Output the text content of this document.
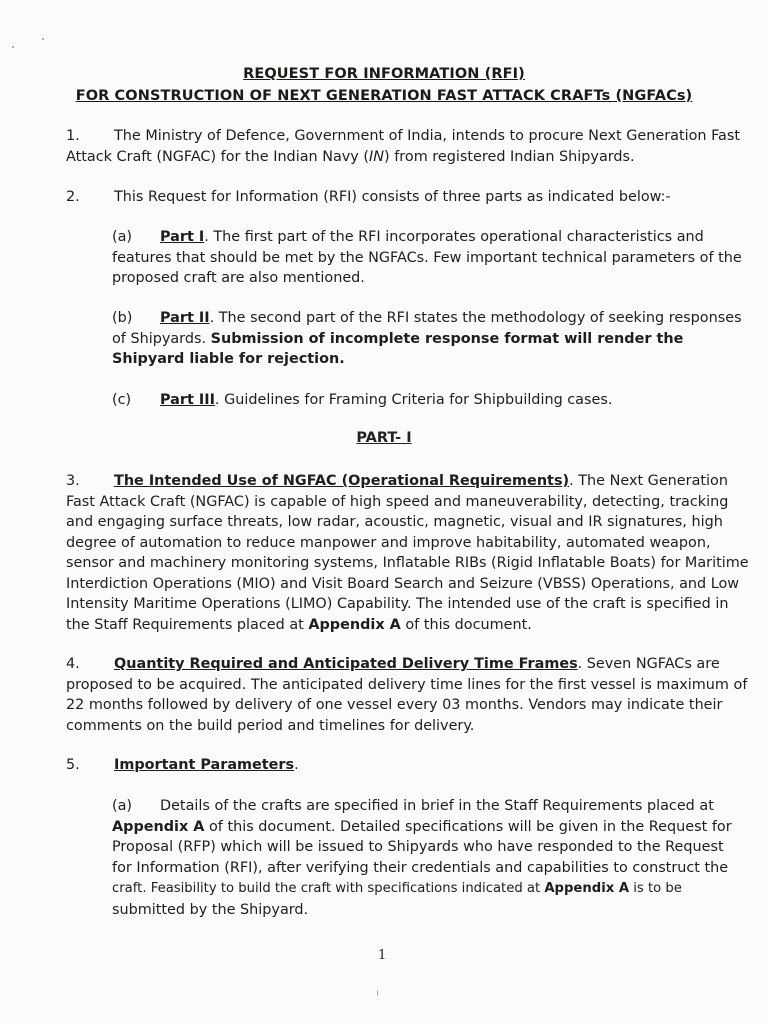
REQUEST FOR INFORMATION (RFI)
FOR CONSTRUCTION OF NEXT GENERATION FAST ATTACK CRAFTs (NGFACs)

1. The Ministry of Defence, Government of India, intends to procure Next Generation Fast
Attack Craft (NGFAC) for the Indian Navy (IN) from registered Indian Shipyards.

2. This Request for Information (RFI) consists of three parts as indicated below:-

(a) Part I. The first part of the RFI incorporates operational characteristics and
features that should be met by the NGFACs. Few important technical parameters of the
proposed craft are also mentioned.

(b) Part II. The second part of the RFI states the methodology of seeking responses
of Shipyards. Submission of incomplete response format will render the
Shipyard liable for rejection.

(c) Part III. Guidelines for Framing Criteria for Shipbuilding cases.

PART- I

3. The Intended Use of NGFAC (Operational Requirements). The Next Generation
Fast Attack Craft (NGFAC) is capable of high speed and maneuverability, detecting, tracking
and engaging surface threats, low radar, acoustic, magnetic, visual and IR signatures, high
degree of automation to reduce manpower and improve habitability, automated weapon,
sensor and machinery monitoring systems, Inflatable RIBs (Rigid Inflatable Boats) for Maritime
Interdiction Operations (MIO) and Visit Board Search and Seizure (VBSS) Operations, and Low
Intensity Maritime Operations (LIMO) Capability. The intended use of the craft is specified in
the Staff Requirements placed at Appendix A of this document.

4. Quantity Required and Anticipated Delivery Time Frames. Seven NGFACs are
proposed to be acquired. The anticipated delivery time lines for the first vessel is maximum of
22 months followed by delivery of one vessel every 03 months. Vendors may indicate their
comments on the build period and timelines for delivery.

5. Important Parameters.

(a) Details of the crafts are specified in brief in the Staff Requirements placed at
Appendix A of this document. Detailed specifications will be given in the Request for
Proposal (RFP) which will be issued to Shipyards who have responded to the Request
for Information (RFI), after verifying their credentials and capabilities to construct the
craft. Feasibility to build the craft with specifications indicated at Appendix A is to be
submitted by the Shipyard.

1
